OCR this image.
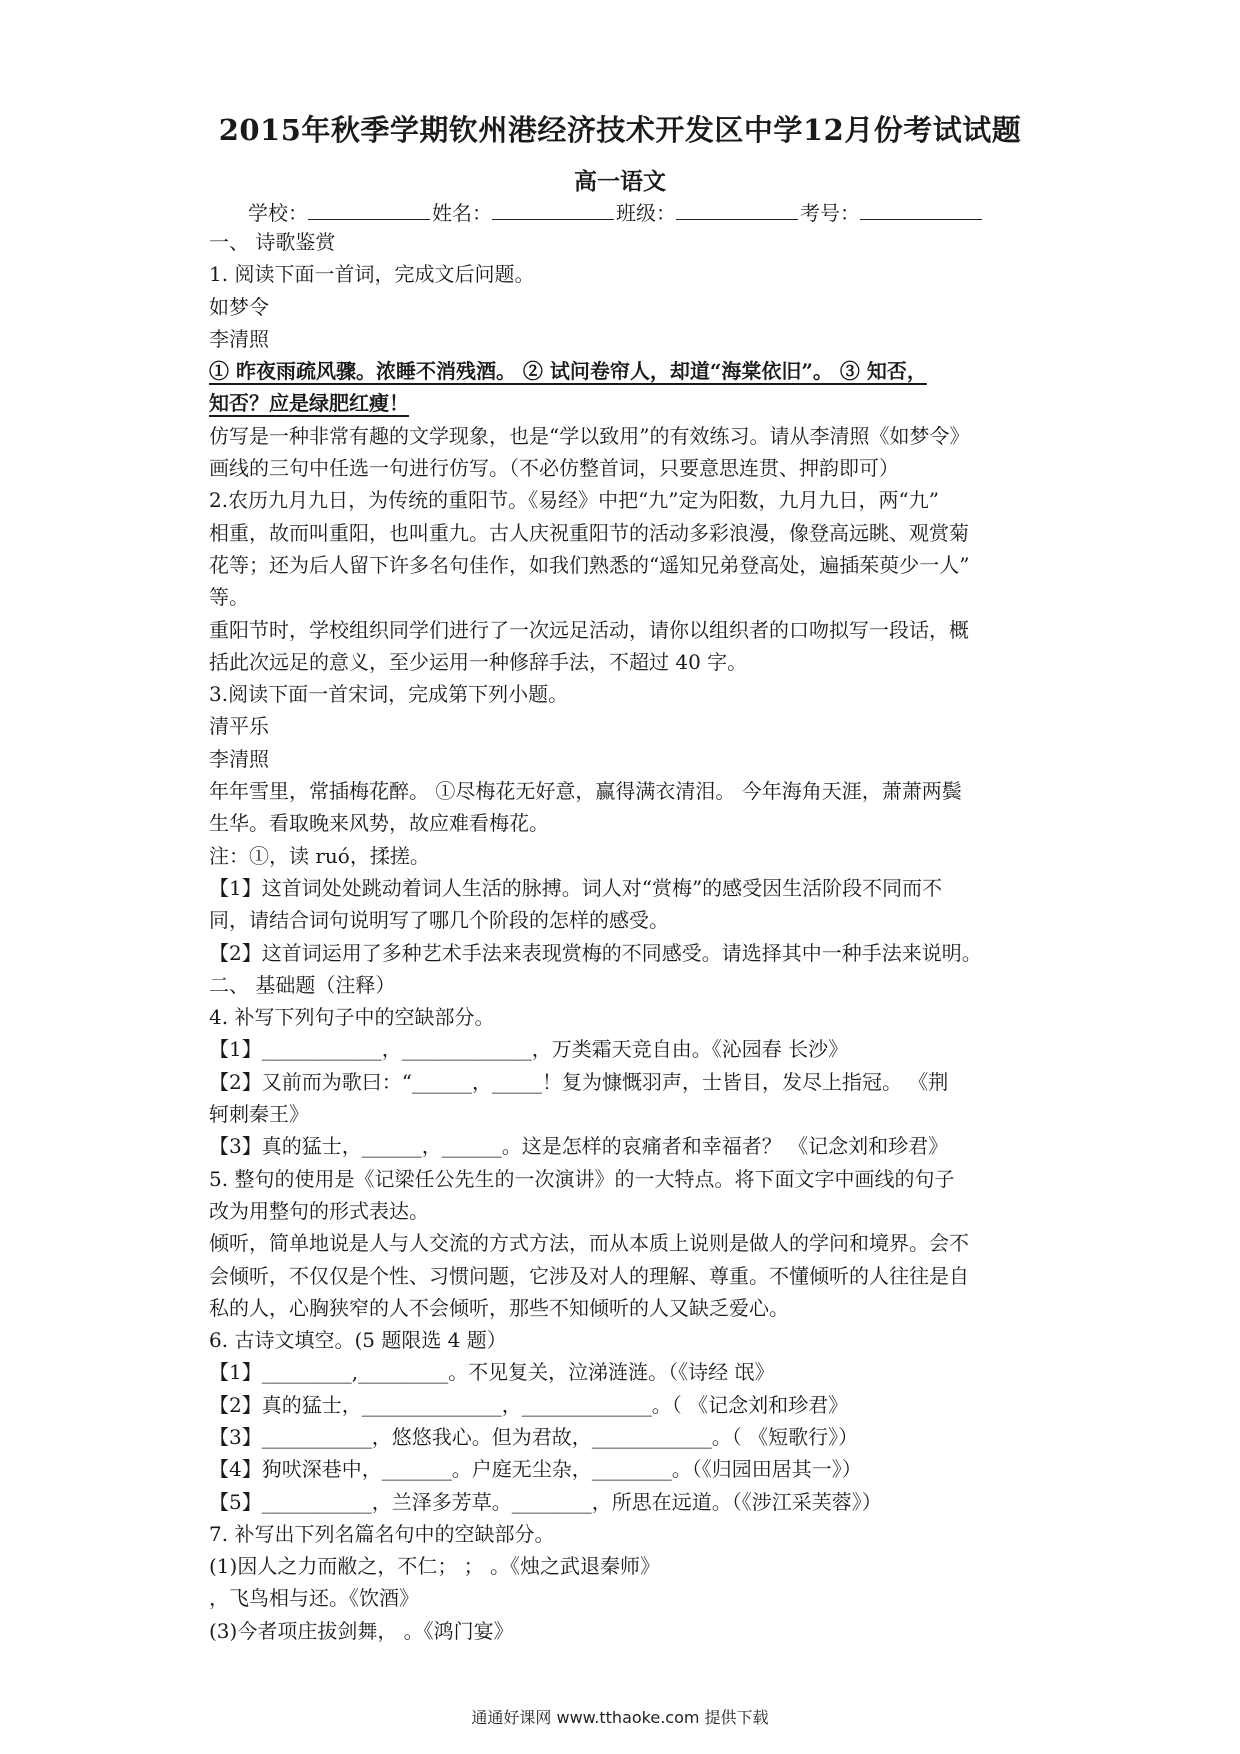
2015年秋季学期钦州港经济技术开发区中学12月份考试试题
高一语文
学校：	姓名：	班级：	考号：
一、 诗歌鉴赏
1. 阅读下面一首词，完成文后问题。
如梦令
李清照
① 昨夜雨疏风骤。浓睡不消残酒。 ② 试问卷帘人，却道“海棠依旧”。 ③ 知否，
知否？应是绿肥红瘦！
仿写是一种非常有趣的文学现象，也是“学以致用”的有效练习。请从李清照《如梦令》
画线的三句中任选一句进行仿写。（不必仿整首词，只要意思连贯、押韵即可）
2.农历九月九日，为传统的重阳节。《易经》中把“九”定为阳数，九月九日，两“九”
相重，故而叫重阳，也叫重九。古人庆祝重阳节的活动多彩浪漫，像登高远眺、观赏菊
花等；还为后人留下许多名句佳作，如我们熟悉的“遥知兄弟登高处，遍插茱萸少一人”
等。
重阳节时，学校组织同学们进行了一次远足活动，请你以组织者的口吻拟写一段话，概
括此次远足的意义，至少运用一种修辞手法，不超过 40 字。
3.阅读下面一首宋词，完成第下列小题。
清平乐
李清照
年年雪里，常插梅花醉。 ①尽梅花无好意，赢得满衣清泪。 今年海角天涯，萧萧两鬓
生华。看取晚来风势，故应难看梅花。
注：①，读 ruó，揉搓。
【1】这首词处处跳动着词人生活的脉搏。词人对“赏梅”的感受因生活阶段不同而不
同，请结合词句说明写了哪几个阶段的怎样的感受。
【2】这首词运用了多种艺术手法来表现赏梅的不同感受。请选择其中一种手法来说明。
二、 基础题（注释）
4. 补写下列句子中的空缺部分。
【1】____________，_____________，万类霜天竞自由。《沁园春 长沙》
【2】又前而为歌曰：“______，_____！复为慷慨羽声，士皆目，发尽上指冠。 《荆
轲刺秦王》
【3】真的猛士，______，______。这是怎样的哀痛者和幸福者？ 《记念刘和珍君》
5. 整句的使用是《记梁任公先生的一次演讲》的一大特点。将下面文字中画线的句子
改为用整句的形式表达。
倾听，简单地说是人与人交流的方式方法，而从本质上说则是做人的学问和境界。会不
会倾听，不仅仅是个性、习惯问题，它涉及对人的理解、尊重。不懂倾听的人往往是自
私的人，心胸狭窄的人不会倾听，那些不知倾听的人又缺乏爱心。
6. 古诗文填空。(5 题限选 4 题）
【1】_________,_________。不见复关，泣涕涟涟。（《诗经 氓》
【2】真的猛士，______________，_____________。（ 《记念刘和珍君》
【3】___________，悠悠我心。但为君故，____________。（ 《短歌行》）
【4】狗吠深巷中，_______。户庭无尘杂，________。（《归园田居其一》）
【5】___________，兰泽多芳草。________，所思在远道。（《涉江采芙蓉》）
7. 补写出下列名篇名句中的空缺部分。
(1)因人之力而敝之，不仁； ； 。《烛之武退秦师》
，飞鸟相与还。《饮酒》
(3)今者项庄拔剑舞， 。《鸿门宴》
通通好课网 www.tthaoke.com 提供下载
